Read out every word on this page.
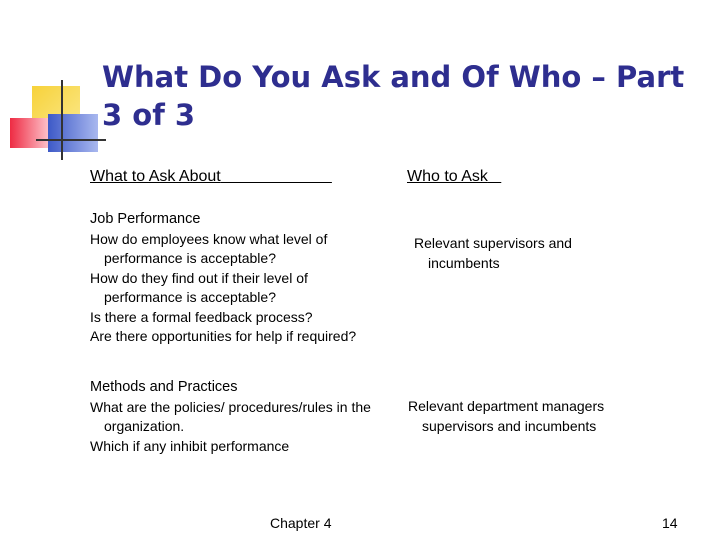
What Do You Ask and Of Who – Part 3 of 3
What to Ask About	Who to Ask
Job Performance
How do employees know what level of performance is acceptable?
How do they find out if their level of performance is acceptable?
Is there a formal feedback process?
Are there opportunities for help if required?
Relevant supervisors and incumbents
Methods and Practices
What are the policies/ procedures/rules in the organization.
Which if any inhibit performance
Relevant department managers supervisors and incumbents
Chapter 4	14
